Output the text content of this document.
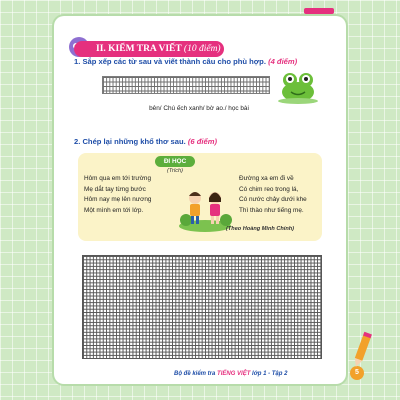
II. KIỂM TRA VIẾT (10 điểm)
1. Sắp xếp các từ sau và viết thành câu cho phù hợp. (4 điểm)
bên/ Chú ếch xanh/ bờ ao./ học bài
2. Chép lại những khổ thơ sau. (6 điểm)
ĐI HỌC
(Trích)
Hôm qua em tới trường
Mẹ dắt tay từng bước
Hôm nay mẹ lên nương
Một mình em tới lớp.
Đường xa em đi về
Có chim reo trong lá,
Có nước chảy dưới khe
Thì thào như tiếng mẹ.
(Theo Hoàng Minh Chính)
Bộ đề kiểm tra TIẾNG VIỆT lớp 1 - Tập 2	5
